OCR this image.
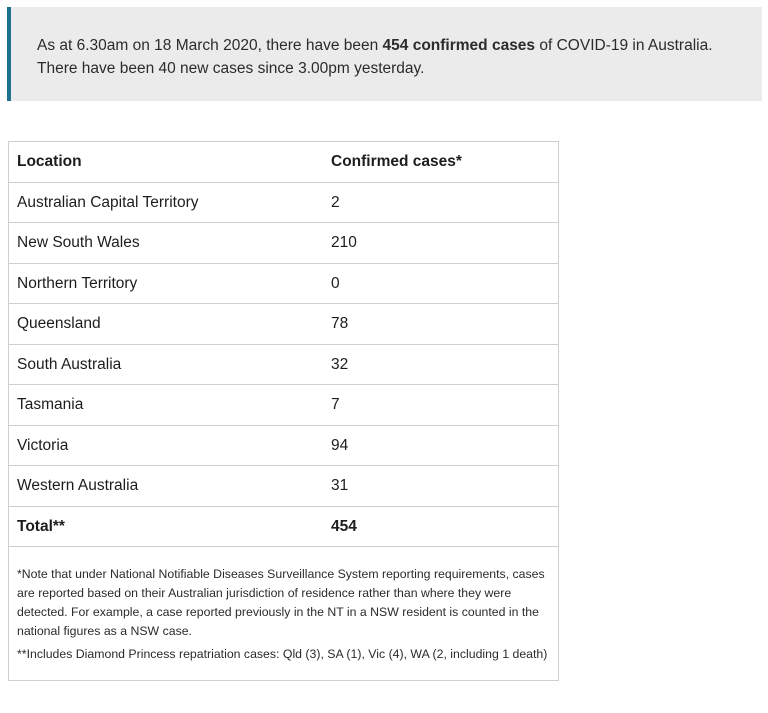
As at 6.30am on 18 March 2020, there have been 454 confirmed cases of COVID-19 in Australia. There have been 40 new cases since 3.00pm yesterday.
Location	Confirmed cases*
Australian Capital Territory	2
New South Wales	210
Northern Territory	0
Queensland	78
South Australia	32
Tasmania	7
Victoria	94
Western Australia	31
Total**	454

*Note that under National Notifiable Diseases Surveillance System reporting requirements, cases are reported based on their Australian jurisdiction of residence rather than where they were detected. For example, a case reported previously in the NT in a NSW resident is counted in the national figures as a NSW case.

**Includes Diamond Princess repatriation cases: Qld (3), SA (1), Vic (4), WA (2, including 1 death)
